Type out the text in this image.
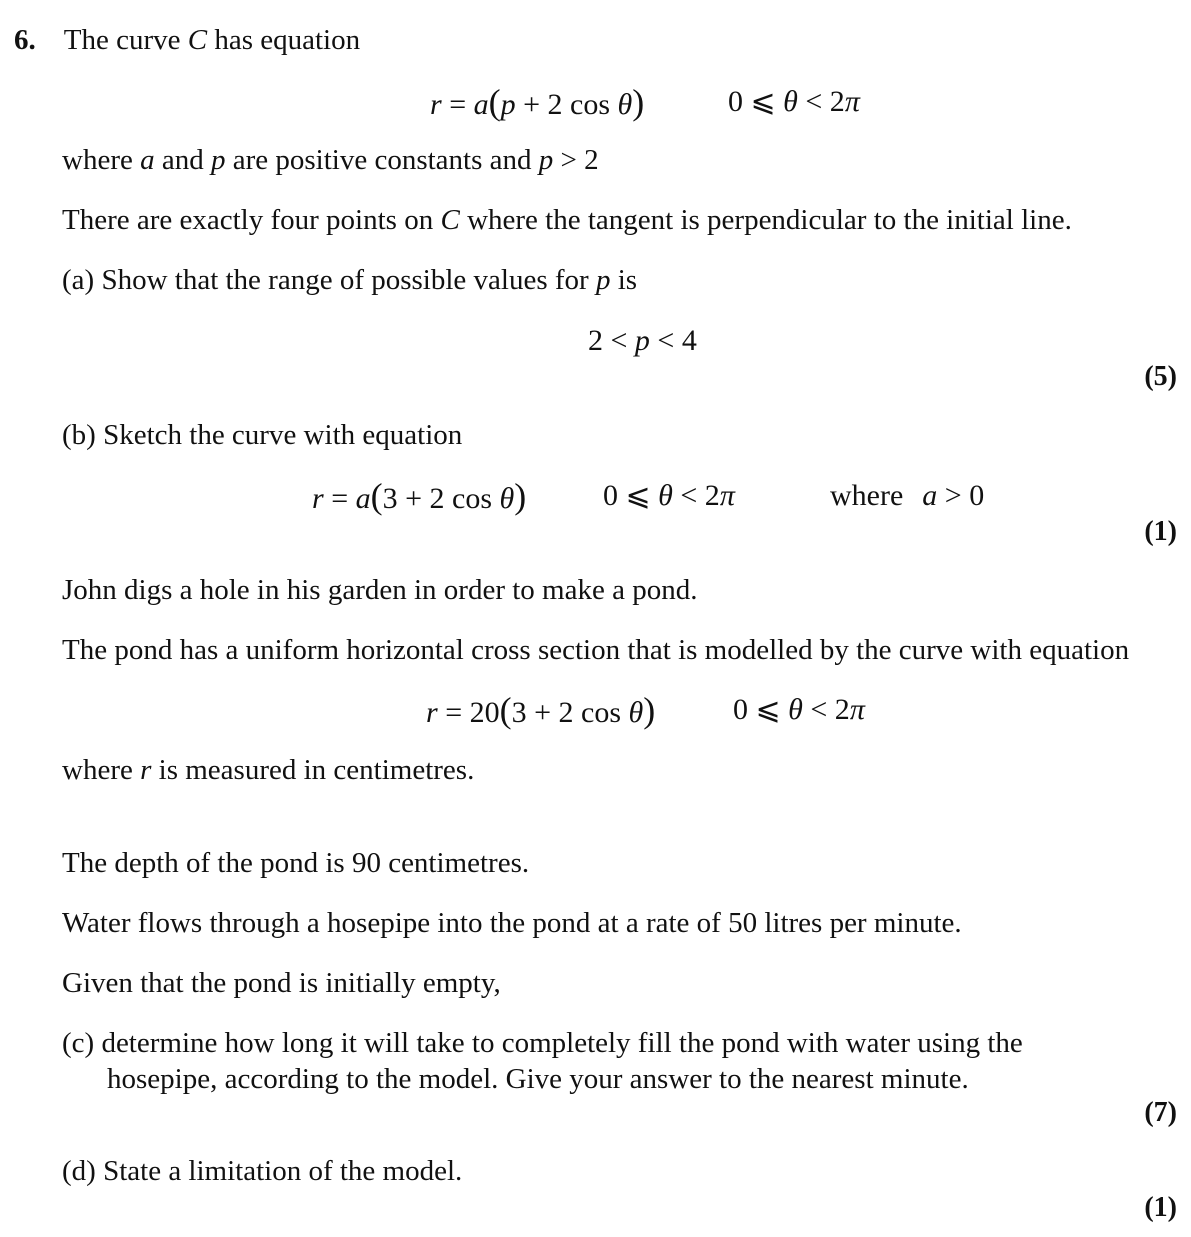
6. The curve C has equation
r = a(p + 2 cos θ)	0 ⩽ θ < 2π
where a and p are positive constants and p > 2
There are exactly four points on C where the tangent is perpendicular to the initial line.
(a) Show that the range of possible values for p is
2 < p < 4
(5)
(b) Sketch the curve with equation
r = a(3 + 2 cos θ)	0 ⩽ θ < 2π	where a > 0
(1)
John digs a hole in his garden in order to make a pond.
The pond has a uniform horizontal cross section that is modelled by the curve with equation
r = 20(3 + 2 cos θ)	0 ⩽ θ < 2π
where r is measured in centimetres.
The depth of the pond is 90 centimetres.
Water flows through a hosepipe into the pond at a rate of 50 litres per minute.
Given that the pond is initially empty,
(c) determine how long it will take to completely fill the pond with water using the
hosepipe, according to the model. Give your answer to the nearest minute.
(7)
(d) State a limitation of the model.
(1)
